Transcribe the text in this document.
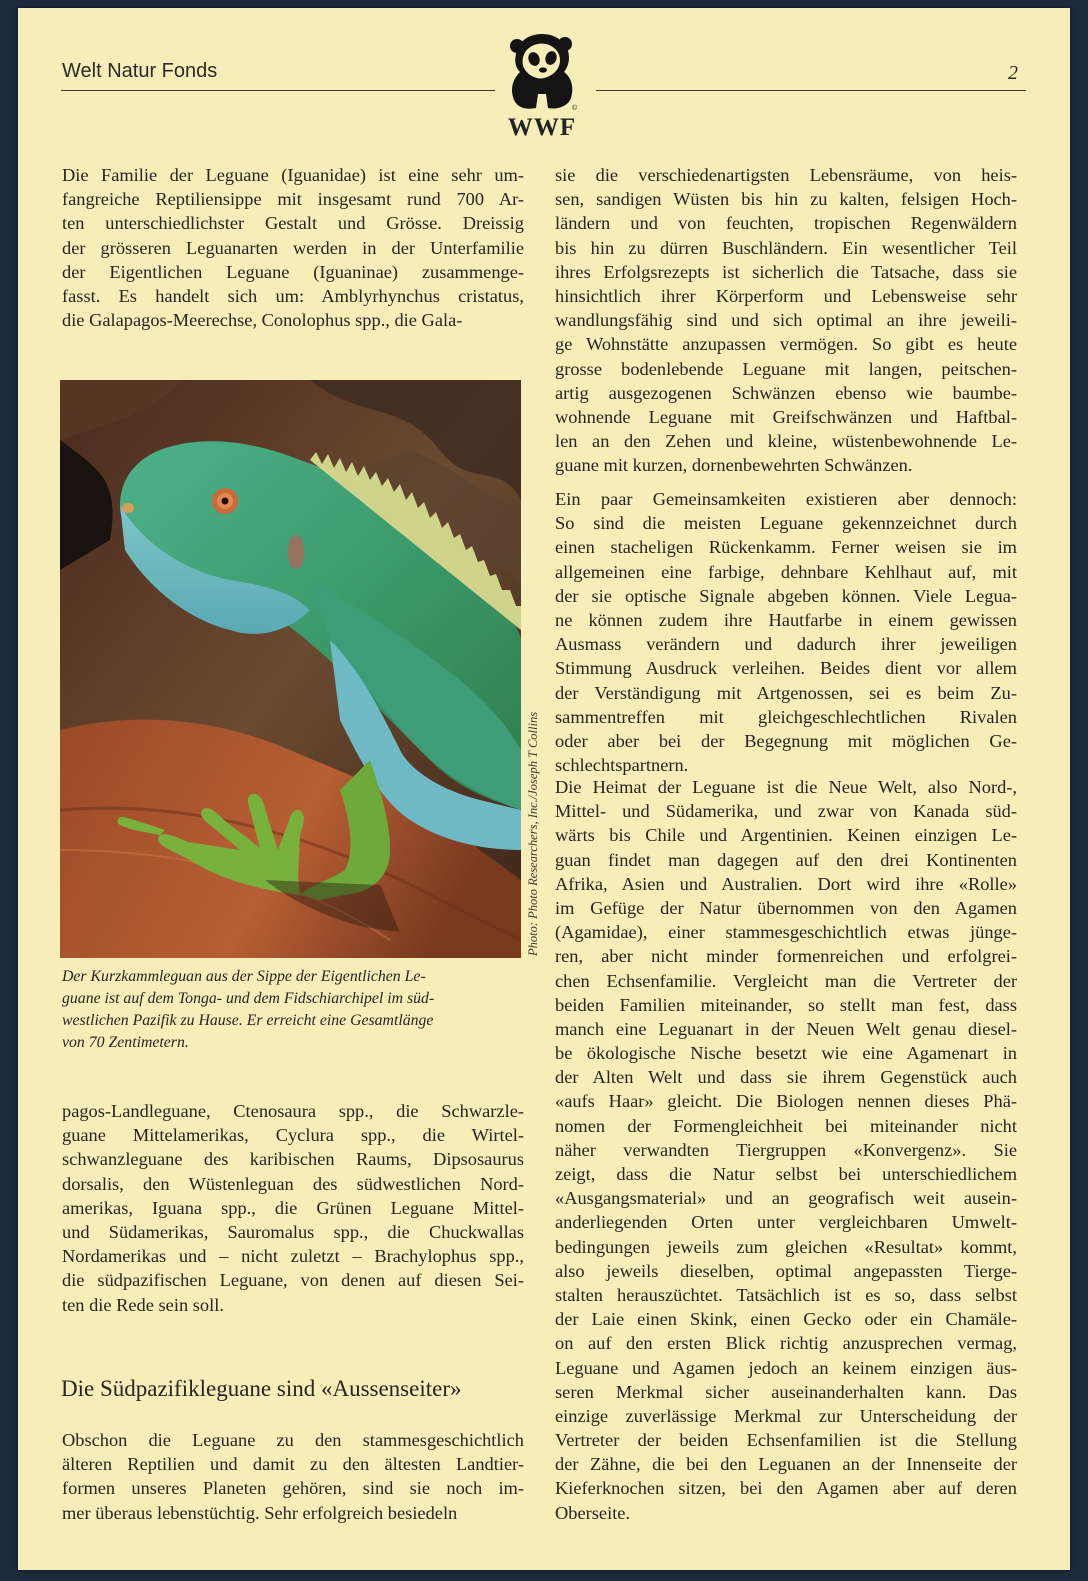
Welt Natur Fonds	2
©
WWF
Die Familie der Leguane (Iguanidae) ist eine sehr um-
fangreiche Reptiliensippe mit insgesamt rund 700 Ar-
ten unterschiedlichster Gestalt und Grösse. Dreissig
der grösseren Leguanarten werden in der Unterfamilie
der Eigentlichen Leguane (Iguaninae) zusammenge-
fasst. Es handelt sich um: Amblyrhynchus cristatus,
die Galapagos-Meerechse, Conolophus spp., die Gala-
Photo: Photo Researchers, Inc./Joseph T Collins
Der Kurzkammleguan aus der Sippe der Eigentlichen Le-
guane ist auf dem Tonga- und dem Fidschiarchipel im süd-
westlichen Pazifik zu Hause. Er erreicht eine Gesamtlänge
von 70 Zentimetern.
pagos-Landleguane, Ctenosaura spp., die Schwarzle-
guane Mittelamerikas, Cyclura spp., die Wirtel-
schwanzleguane des karibischen Raums, Dipsosaurus
dorsalis, den Wüstenleguan des südwestlichen Nord-
amerikas, Iguana spp., die Grünen Leguane Mittel-
und Südamerikas, Sauromalus spp., die Chuckwallas
Nordamerikas und – nicht zuletzt – Brachylophus spp.,
die südpazifischen Leguane, von denen auf diesen Sei-
ten die Rede sein soll.
Die Südpazifikleguane sind «Aussenseiter»
Obschon die Leguane zu den stammesgeschichtlich
älteren Reptilien und damit zu den ältesten Landtier-
formen unseres Planeten gehören, sind sie noch im-
mer überaus lebenstüchtig. Sehr erfolgreich besiedeln
sie die verschiedenartigsten Lebensräume, von heis-
sen, sandigen Wüsten bis hin zu kalten, felsigen Hoch-
ländern und von feuchten, tropischen Regenwäldern
bis hin zu dürren Buschländern. Ein wesentlicher Teil
ihres Erfolgsrezepts ist sicherlich die Tatsache, dass sie
hinsichtlich ihrer Körperform und Lebensweise sehr
wandlungsfähig sind und sich optimal an ihre jeweili-
ge Wohnstätte anzupassen vermögen. So gibt es heute
grosse bodenlebende Leguane mit langen, peitschen-
artig ausgezogenen Schwänzen ebenso wie baumbe-
wohnende Leguane mit Greifschwänzen und Haftbal-
len an den Zehen und kleine, wüstenbewohnende Le-
guane mit kurzen, dornenbewehrten Schwänzen.
Ein paar Gemeinsamkeiten existieren aber dennoch:
So sind die meisten Leguane gekennzeichnet durch
einen stacheligen Rückenkamm. Ferner weisen sie im
allgemeinen eine farbige, dehnbare Kehlhaut auf, mit
der sie optische Signale abgeben können. Viele Legua-
ne können zudem ihre Hautfarbe in einem gewissen
Ausmass verändern und dadurch ihrer jeweiligen
Stimmung Ausdruck verleihen. Beides dient vor allem
der Verständigung mit Artgenossen, sei es beim Zu-
sammentreffen mit gleichgeschlechtlichen Rivalen
oder aber bei der Begegnung mit möglichen Ge-
schlechtspartnern.
Die Heimat der Leguane ist die Neue Welt, also Nord-,
Mittel- und Südamerika, und zwar von Kanada süd-
wärts bis Chile und Argentinien. Keinen einzigen Le-
guan findet man dagegen auf den drei Kontinenten
Afrika, Asien und Australien. Dort wird ihre «Rolle»
im Gefüge der Natur übernommen von den Agamen
(Agamidae), einer stammesgeschichtlich etwas jünge-
ren, aber nicht minder formenreichen und erfolgrei-
chen Echsenfamilie. Vergleicht man die Vertreter der
beiden Familien miteinander, so stellt man fest, dass
manch eine Leguanart in der Neuen Welt genau diesel-
be ökologische Nische besetzt wie eine Agamenart in
der Alten Welt und dass sie ihrem Gegenstück auch
«aufs Haar» gleicht. Die Biologen nennen dieses Phä-
nomen der Formengleichheit bei miteinander nicht
näher verwandten Tiergruppen «Konvergenz». Sie
zeigt, dass die Natur selbst bei unterschiedlichem
«Ausgangsmaterial» und an geografisch weit ausein-
anderliegenden Orten unter vergleichbaren Umwelt-
bedingungen jeweils zum gleichen «Resultat» kommt,
also jeweils dieselben, optimal angepassten Tierge-
stalten herauszüchtet. Tatsächlich ist es so, dass selbst
der Laie einen Skink, einen Gecko oder ein Chamäle-
on auf den ersten Blick richtig anzusprechen vermag,
Leguane und Agamen jedoch an keinem einzigen äus-
seren Merkmal sicher auseinanderhalten kann. Das
einzige zuverlässige Merkmal zur Unterscheidung der
Vertreter der beiden Echsenfamilien ist die Stellung
der Zähne, die bei den Leguanen an der Innenseite der
Kieferknochen sitzen, bei den Agamen aber auf deren
Oberseite.
